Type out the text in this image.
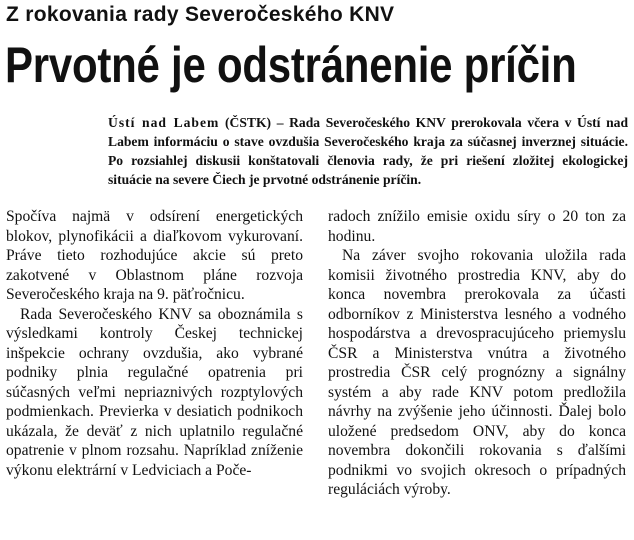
Z rokovania rady Severočeského KNV
Prvotné je odstránenie príčin
Ústí nad Labem (ČSTK) – Rada Severočeského KNV prerokovala včera v Ústí nad Labem informáciu o stave ovzdušia Severočeského kraja za súčasnej inverznej situácie. Po rozsiahlej diskusii konštatovali členovia rady, že pri riešení zložitej ekologickej situácie na severe Čiech je prvotné odstránenie príčin.

Spočíva najmä v odsírení energetických blokov, plynofikácii a diaľkovom vykurovaní. Práve tieto rozhodujúce akcie sú preto zakotvené v Oblastnom pláne rozvoja Severočeského kraja na 9. päťročnicu.

Rada Severočeského KNV sa oboznámila s výsledkami kontroly Českej technickej inšpekcie ochrany ovzdušia, ako vybrané podniky plnia regulačné opatrenia pri súčasných veľmi nepriaznivých rozptylových podmienkach. Previerka v desiatich podnikoch ukázala, že deväť z nich uplatnilo regulačné opatrenie v plnom rozsahu. Napríklad zníženie výkonu elektrární v Ledviciach a Poče-

radoch znížilo emisie oxidu síry o 20 ton za hodinu.

Na záver svojho rokovania uložila rada komisii životného prostredia KNV, aby do konca novembra prerokovala za účasti odborníkov z Ministerstva lesného a vodného hospodárstva a drevospracujúceho priemyslu ČSR a Ministerstva vnútra a životného prostredia ČSR celý prognózny a signálny systém a aby rade KNV potom predložila návrhy na zvýšenie jeho účinnosti. Ďalej bolo uložené predsedom ONV, aby do konca novembra dokončili rokovania s ďalšími podnikmi vo svojich okresoch o prípadných reguláciách výroby.
